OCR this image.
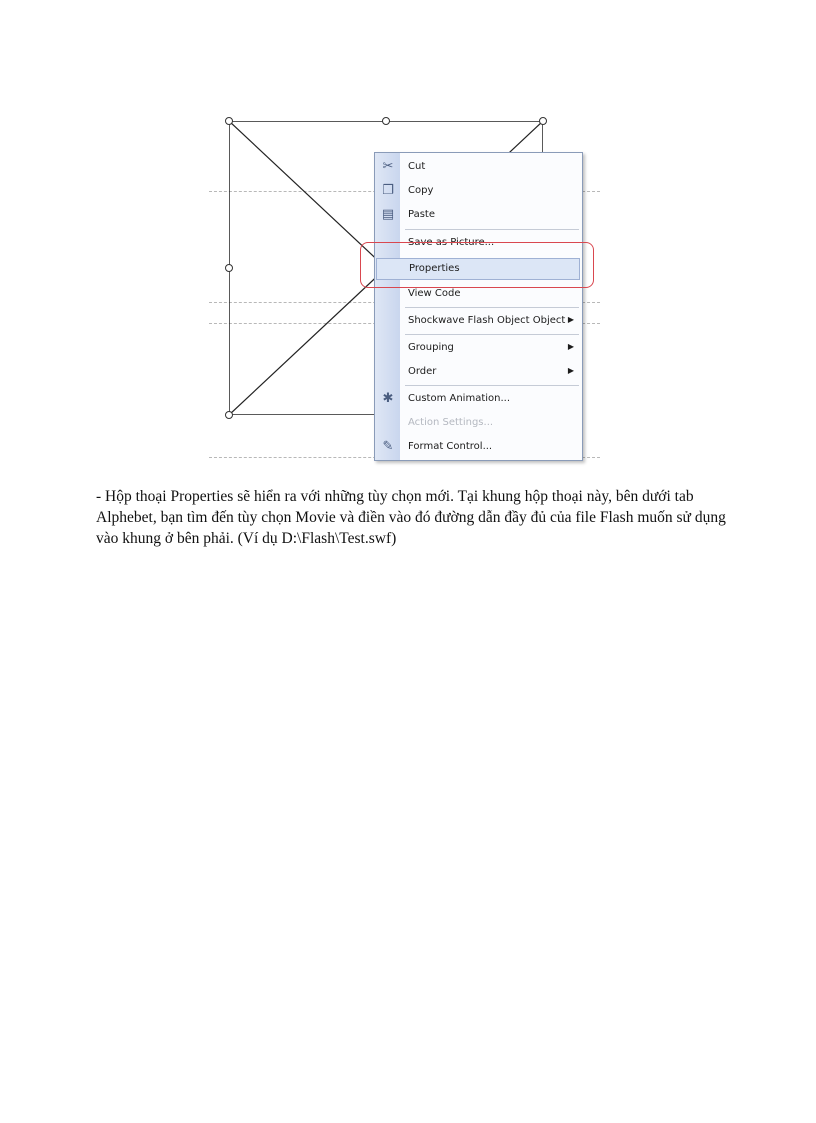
✂ Cut
❐ Copy
▤ Paste
Save as Picture...
Properties
View Code
Shockwave Flash Object Object ▶
Grouping	▶
Order	▶
✱ Custom Animation...
Action Settings...
✎ Format Control...

- Hộp thoại Properties sẽ hiển ra với những tùy chọn mới. Tại khung hộp thoại này, bên dưới tab Alphebet, bạn tìm đến tùy chọn Movie và điền vào đó đường dẫn đầy đủ của file Flash muốn sử dụng vào khung ở bên phải. (Ví dụ D:\Flash\Test.swf)
